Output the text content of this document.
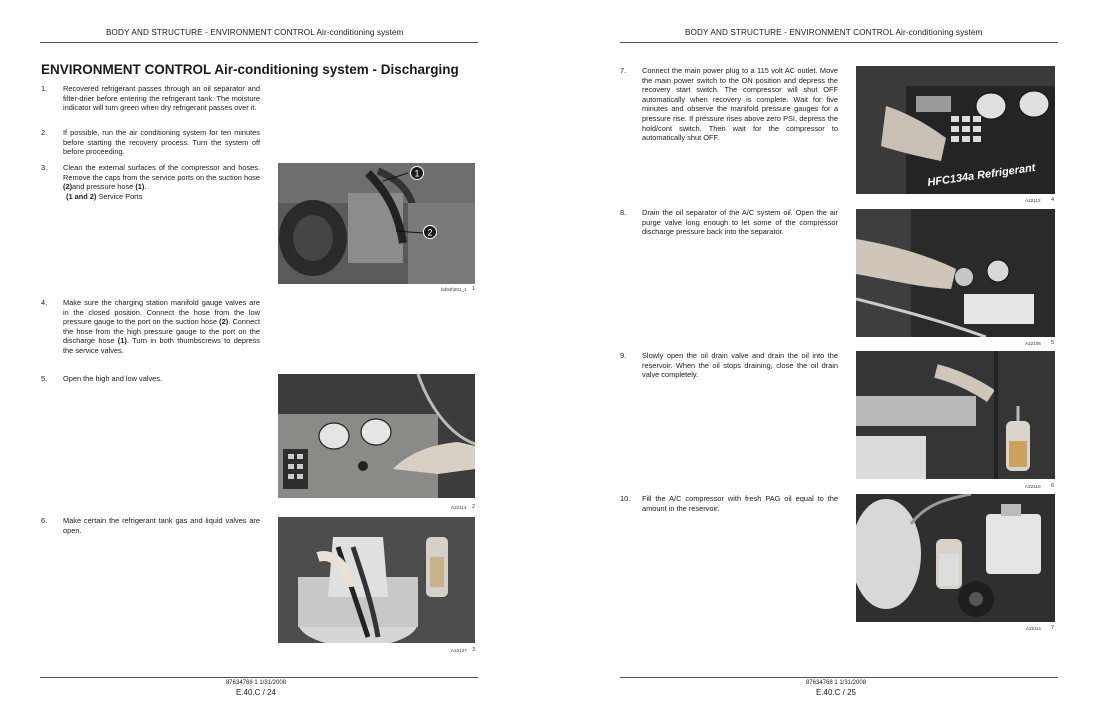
BODY AND STRUCTURE - ENVIRONMENT CONTROL Air-conditioning system
ENVIRONMENT CONTROL Air-conditioning system - Discharging
1. Recovered refrigerant passes through an oil separator and filter-drier before entering the refrigerant tank. The moisture indicator will turn green when dry refrigerant passes over it.
2. If possible, run the air conditioning system for ten minutes before starting the recovery process. Turn the system off before proceeding.
3. Clean the external surfaces of the compressor and hoses. Remove the caps from the service ports on the suction hose (2)and pressure hose (1).
(1 and 2) Service Ports
1
2
bd04h201_1 1
4. Make sure the charging station manifold gauge valves are in the closed position. Connect the hose from the low pressure gauge to the port on the suction hose (2). Connect the hose from the high pressure gauge to the port on the discharge hose (1). Turn in both thumbscrews to depress the service valves.
5. Open the high and low valves.
A22114 2
6. Make certain the refrigerant tank gas and liquid valves are open.
A22127 3
87634768 1 1/31/2008
E.40.C / 24
BODY AND STRUCTURE - ENVIRONMENT CONTROL Air-conditioning system
7. Connect the main power plug to a 115 volt AC outlet. Move the main power switch to the ON position and depress the recovery start switch. The compressor will shut OFF automatically when recovery is complete. Wait for five minutes and observe the manifold pressure gauges for a pressure rise. If pressure rises above zero PSI, depress the hold/cont switch. Then wait for the compressor to automatically shut OFF.
HFC134a Refrigerant
A22112 4
8. Drain the oil separator of the A/C system oil. Open the air purge valve long enough to let some of the compressor discharge pressure back into the separator.
A22106 5
9. Slowly open the oil drain valve and drain the oil into the reservoir. When the oil stops draining, close the oil drain valve completely.
A22110 6
10. Fill the A/C compressor with fresh PAG oil equal to the amount in the reservoir.
A22111 7
87634768 1 1/31/2008
E.40.C / 25
